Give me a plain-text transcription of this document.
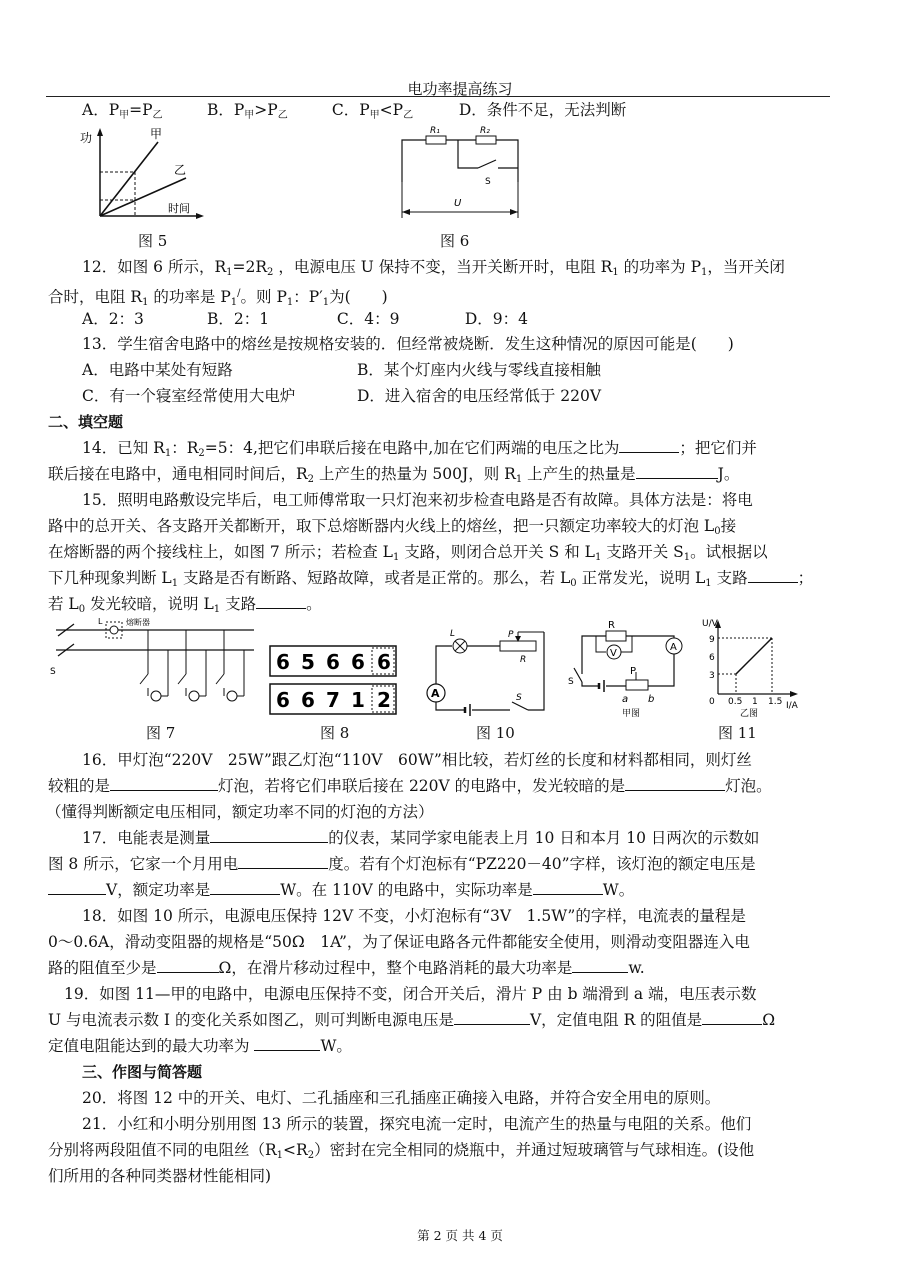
电功率提高练习
A．$P_甲=P_乙$	B．$P_甲>P_乙$	C．$P_甲<P_乙$	D．条件不足，无法判断
功	甲
乙
时间
图 5
R₁	R₂
S
U
图 6
12．如图 6 所示，$R_1=2R_2$ ，电源电压 U 保持不变，当开关断开时，电阻 $R_1$ 的功率为 $P_1$，当开关闭
合时，电阻 $R_1$ 的功率是 $P_1^/$。则 $P_1$：$P'_1$为(　　)
A．2：3	B．2：1	C．4：9	D．9：4
13．学生宿舍电路中的熔丝是按规格安装的．但经常被烧断．发生这种情况的原因可能是(　　)
A．电路中某处有短路	B．某个灯座内火线与零线直接相触
C．有一个寝室经常使用大电炉	D．进入宿舍的电压经常低于 220V
二、填空题
14．已知 $R_1$：$R_2=5$：4,把它们串联后接在电路中,加在它们两端的电压之比为	；把它们并
联后接在电路中，通电相同时间后，$R_2$ 上产生的热量为 500J，则 $R_1$ 上产生的热量是	J。
15．照明电路敷设完毕后，电工师傅常取一只灯泡来初步检查电路是否有故障。具体方法是：将电
路中的总开关、各支路开关都断开，取下总熔断器内火线上的熔丝，把一只额定功率较大的灯泡 $L_0$接
在熔断器的两个接线柱上，如图 7 所示；若检查 $L_1$ 支路，则闭合总开关 S 和 $L_1$ 支路开关 $S_1$。试根据以
下几种现象判断 $L_1$ 支路是否有断路、短路故障，或者是正常的。那么，若 $L_0$ 正常发光，说明 $L_1$ 支路	；
若 $L_0$ 发光较暗，说明 $L_1$ 支路	。
S
L	熔断器
图 7
6 5 6 6 6
6 6 7 1 2
图 8
L	P
R
S
A
图 10
R
V
A
P
a b
S
甲图
U/V
I/A
9
6
3
0 0.5 1 1.5
乙图
图 11
16．甲灯泡“220V　25W”跟乙灯泡“110V　60W”相比较，若灯丝的长度和材料都相同，则灯丝
较粗的是	灯泡，若将它们串联后接在 220V 的电路中，发光较暗的是	灯泡。
（懂得判断额定电压相同，额定功率不同的灯泡的方法）
17．电能表是测量	的仪表，某同学家电能表上月 10 日和本月 10 日两次的示数如
图 8 所示，它家一个月用电	度。若有个灯泡标有“PZ220－40”字样，该灯泡的额定电压是
V，额定功率是	W。在 110V 的电路中，实际功率是	W。
18．如图 10 所示，电源电压保持 12V 不变，小灯泡标有“3V　1.5W”的字样，电流表的量程是
0～0.6A，滑动变阻器的规格是“50Ω　1A”，为了保证电路各元件都能安全使用，则滑动变阻器连入电
路的阻值至少是	Ω，在滑片移动过程中，整个电路消耗的最大功率是	w.
19．如图 11—甲的电路中，电源电压保持不变，闭合开关后，滑片 P 由 b 端滑到 a 端，电压表示数
U 与电流表示数 I 的变化关系如图乙，则可判断电源电压是	V，定值电阻 R 的阻值是	Ω
定值电阻能达到的最大功率为	W。
三、作图与简答题
20．将图 12 中的开关、电灯、二孔插座和三孔插座正确接入电路，并符合安全用电的原则。
21．小红和小明分别用图 13 所示的装置，探究电流一定时，电流产生的热量与电阻的关系。他们
分别将两段阻值不同的电阻丝$(R_1<R_2)$密封在完全相同的烧瓶中，并通过短玻璃管与气球相连。(设他
们所用的各种同类器材性能相同)
第 2 页 共 4 页
